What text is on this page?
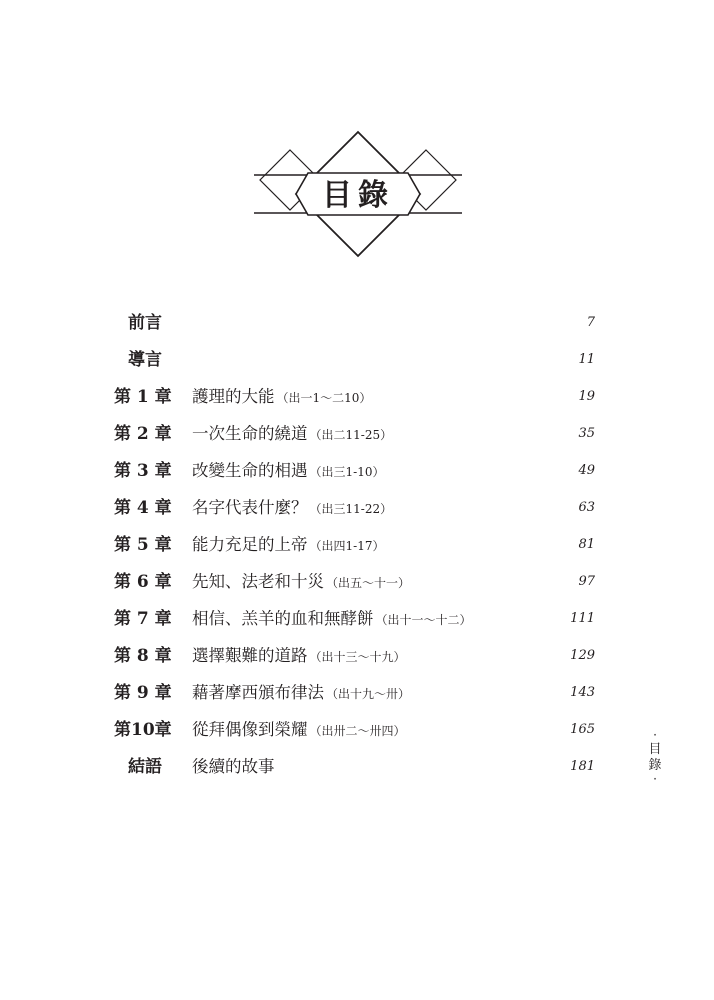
目錄
前言	7
導言	11
第 1 章	護理的大能 （出一1～二10）	19
第 2 章	一次生命的繞道 （出二11-25）	35
第 3 章	改變生命的相遇 （出三1-10）	49
第 4 章	名字代表什麼？ （出三11-22）	63
第 5 章	能力充足的上帝 （出四1-17）	81
第 6 章	先知、法老和十災 （出五～十一）	97
第 7 章	相信、羔羊的血和無酵餅 （出十一～十二）	111
第 8 章	選擇艱難的道路 （出十三～十九）	129
第 9 章	藉著摩西頒布律法 （出十九～卅）	143
第10章	從拜偶像到榮耀 （出卅二～卅四）	165
結語	後續的故事	181
·
目
錄
·
